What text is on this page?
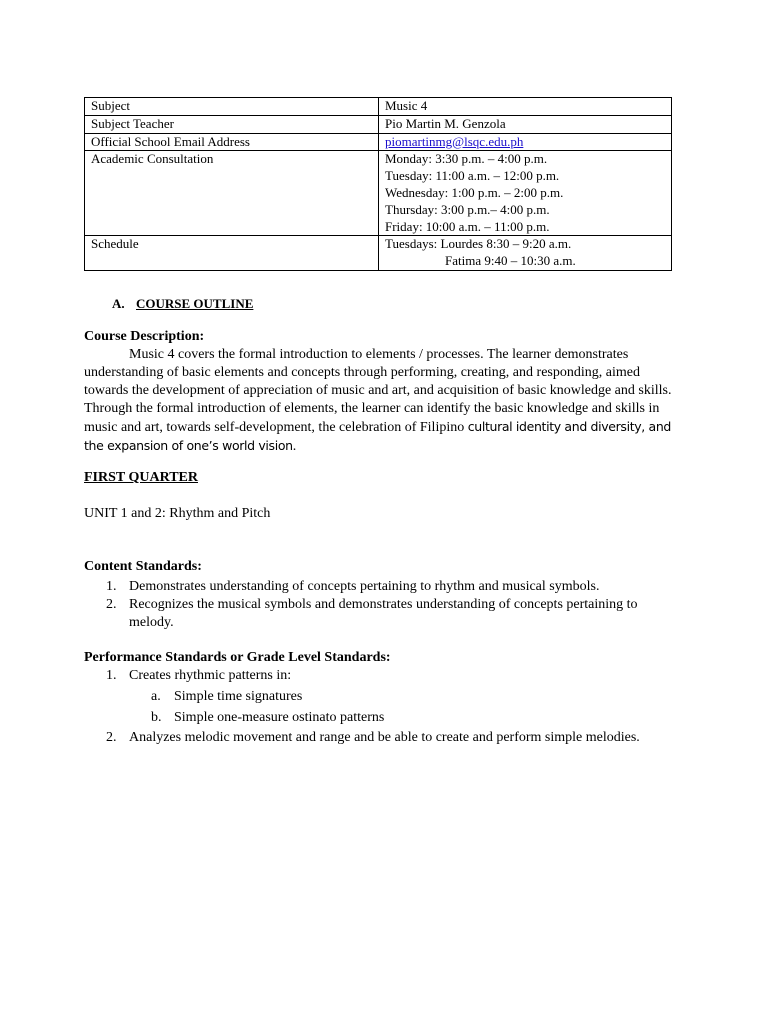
Subject	Music 4
Subject Teacher	Pio Martin M. Genzola
Official School Email Address	piomartinmg@lsqc.edu.ph
Academic Consultation	Monday: 3:30 p.m. – 4:00 p.m.
Tuesday: 11:00 a.m. – 12:00 p.m.
Wednesday: 1:00 p.m. – 2:00 p.m.
Thursday: 3:00 p.m.– 4:00 p.m.
Friday: 10:00 a.m. – 11:00 p.m.

Schedule	Tuesdays: Lourdes 8:30 – 9:20 a.m.
Fatima 9:40 – 10:30 a.m.
A. COURSE OUTLINE
Course Description:
Music 4 covers the formal introduction to elements / processes. The learner demonstrates understanding of basic elements and concepts through performing, creating, and responding, aimed towards the development of appreciation of music and art, and acquisition of basic knowledge and skills. Through the formal introduction of elements, the learner can identify the basic knowledge and skills in music and art, towards self-development, the celebration of Filipino cultural identity and diversity, and the expansion of one’s world vision.
FIRST QUARTER
UNIT 1 and 2: Rhythm and Pitch
Content Standards:
1. Demonstrates understanding of concepts pertaining to rhythm and musical symbols.
2. Recognizes the musical symbols and demonstrates understanding of concepts pertaining to melody.
Performance Standards or Grade Level Standards:
1. Creates rhythmic patterns in:
a. Simple time signatures
b. Simple one-measure ostinato patterns
2. Analyzes melodic movement and range and be able to create and perform simple melodies.
